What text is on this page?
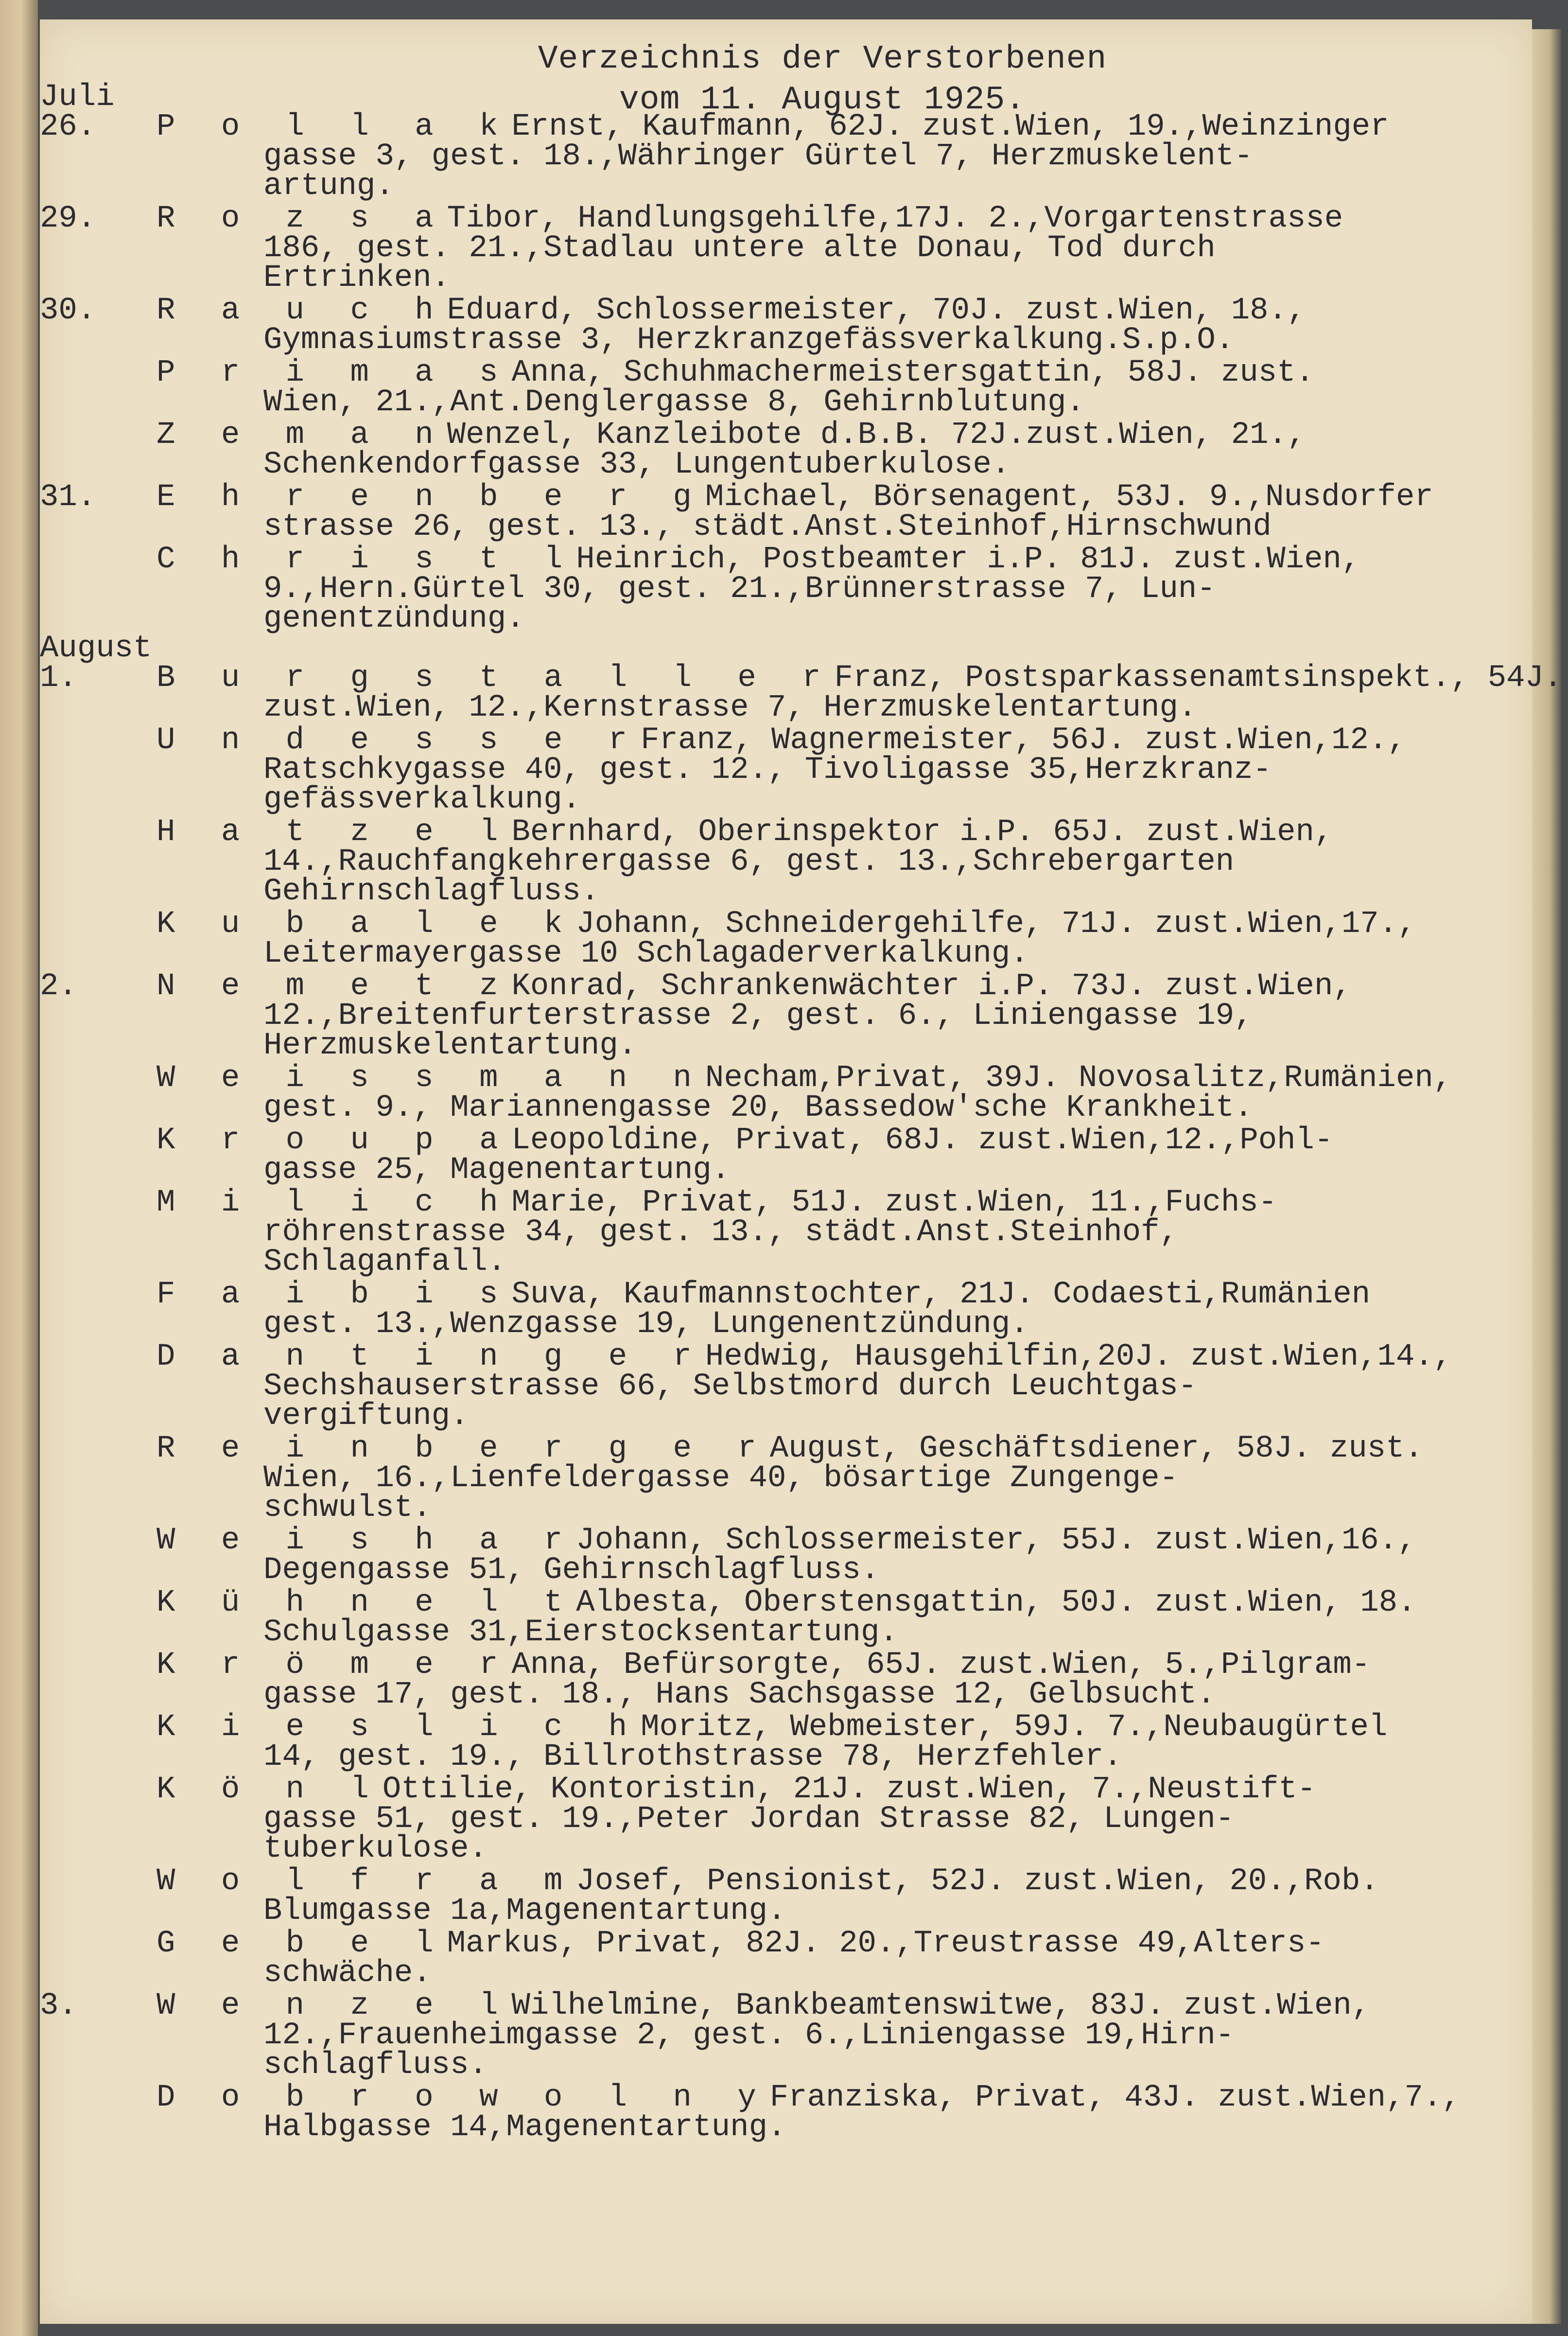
Verzeichnis der Verstorbenen
vom 11. August 1925.
Juli
26.	P o l l a kErnst, Kaufmann, 62J. zust.Wien, 19.,Weinzinger
gasse 3, gest. 18.,Währinger Gürtel 7, Herzmuskelent-
artung.
29.	R o z s aTibor, Handlungsgehilfe,17J. 2.,Vorgartenstrasse
186, gest. 21.,Stadlau untere alte Donau, Tod durch
Ertrinken.
30.	R a u c hEduard, Schlossermeister, 70J. zust.Wien, 18.,
Gymnasiumstrasse 3, Herzkranzgefässverkalkung.S.p.O.
P r i m a sAnna, Schuhmachermeistersgattin, 58J. zust.
Wien, 21.,Ant.Denglergasse 8, Gehirnblutung.
Z e m a nWenzel, Kanzleibote d.B.B. 72J.zust.Wien, 21.,
Schenkendorfgasse 33, Lungentuberkulose.
31.	E h r e n b e r gMichael, Börsenagent, 53J. 9.,Nusdorfer
strasse 26, gest. 13., städt.Anst.Steinhof,Hirnschwund
C h r i s t lHeinrich, Postbeamter i.P. 81J. zust.Wien,
9.,Hern.Gürtel 30, gest. 21.,Brünnerstrasse 7, Lun-
genentzündung.
August
1.	B u r g s t a l l e rFranz, Postsparkassenamtsinspekt., 54J.
zust.Wien, 12.,Kernstrasse 7, Herzmuskelentartung.
U n d e s s e rFranz, Wagnermeister, 56J. zust.Wien,12.,
Ratschkygasse 40, gest. 12., Tivoligasse 35,Herzkranz-
gefässverkalkung.
H a t z e lBernhard, Oberinspektor i.P. 65J. zust.Wien,
14.,Rauchfangkehrergasse 6, gest. 13.,Schrebergarten
Gehirnschlagfluss.
K u b a l e kJohann, Schneidergehilfe, 71J. zust.Wien,17.,
Leitermayergasse 10 Schlagaderverkalkung.
2.	N e m e t zKonrad, Schrankenwächter i.P. 73J. zust.Wien,
12.,Breitenfurterstrasse 2, gest. 6., Liniengasse 19,
Herzmuskelentartung.
W e i s s m a n nNecham,Privat, 39J. Novosalitz,Rumänien,
gest. 9., Mariannengasse 20, Bassedow'sche Krankheit.
K r o u p aLeopoldine, Privat, 68J. zust.Wien,12.,Pohl-
gasse 25, Magenentartung.
M i l i c hMarie, Privat, 51J. zust.Wien, 11.,Fuchs-
röhrenstrasse 34, gest. 13., städt.Anst.Steinhof,
Schlaganfall.
F a i b i sSuva, Kaufmannstochter, 21J. Codaesti,Rumänien
gest. 13.,Wenzgasse 19, Lungenentzündung.
D a n t i n g e rHedwig, Hausgehilfin,20J. zust.Wien,14.,
Sechshauserstrasse 66, Selbstmord durch Leuchtgas-
vergiftung.
R e i n b e r g e rAugust, Geschäftsdiener, 58J. zust.
Wien, 16.,Lienfeldergasse 40, bösartige Zungenge-
schwulst.
W e i s h a rJohann, Schlossermeister, 55J. zust.Wien,16.,
Degengasse 51, Gehirnschlagfluss.
K ü h n e l tAlbesta, Oberstensgattin, 50J. zust.Wien, 18.
Schulgasse 31,Eierstocksentartung.
K r ö m e rAnna, Befürsorgte, 65J. zust.Wien, 5.,Pilgram-
gasse 17, gest. 18., Hans Sachsgasse 12, Gelbsucht.
K i e s l i c hMoritz, Webmeister, 59J. 7.,Neubaugürtel
14, gest. 19., Billrothstrasse 78, Herzfehler.
K ö n lOttilie, Kontoristin, 21J. zust.Wien, 7.,Neustift-
gasse 51, gest. 19.,Peter Jordan Strasse 82, Lungen-
tuberkulose.
W o l f r a mJosef, Pensionist, 52J. zust.Wien, 20.,Rob.
Blumgasse 1a,Magenentartung.
G e b e lMarkus, Privat, 82J. 20.,Treustrasse 49,Alters-
schwäche.
3.	W e n z e lWilhelmine, Bankbeamtenswitwe, 83J. zust.Wien,
12.,Frauenheimgasse 2, gest. 6.,Liniengasse 19,Hirn-
schlagfluss.
D o b r o w o l n yFranziska, Privat, 43J. zust.Wien,7.,
Halbgasse 14,Magenentartung.
